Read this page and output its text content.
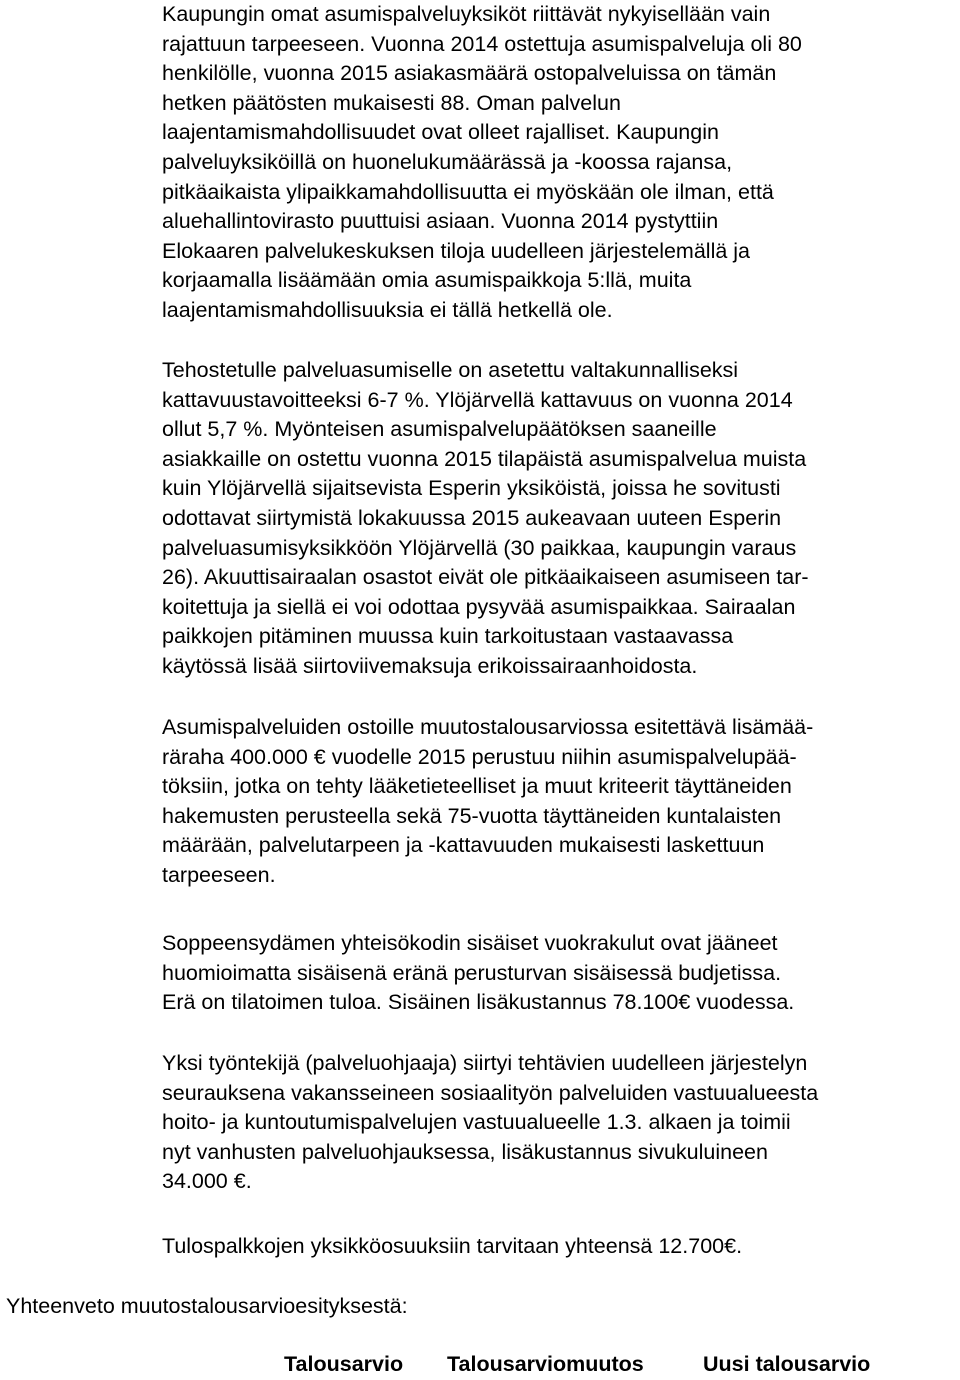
Kaupungin omat asumispalveluyksiköt riittävät nykyisellään vain
rajattuun tarpeeseen. Vuonna 2014 ostettuja asumispalveluja oli 80
henkilölle, vuonna 2015 asiakasmäärä ostopalveluissa on tämän
hetken päätösten mukaisesti 88. Oman palvelun
laajentamismahdollisuudet ovat olleet rajalliset. Kaupungin
palveluyksiköillä on huonelukumäärässä ja -koossa rajansa,
pitkäaikaista ylipaikkamahdollisuutta ei myöskään ole ilman, että
aluehallintovirasto puuttuisi asiaan. Vuonna 2014 pystyttiin
Elokaaren palvelukeskuksen tiloja uudelleen järjestelemällä ja
korjaamalla lisäämään omia asumispaikkoja 5:llä, muita
laajentamismahdollisuuksia ei tällä hetkellä ole.

Tehostetulle palveluasumiselle on asetettu valtakunnalliseksi
kattavuustavoitteeksi 6-7 %. Ylöjärvellä kattavuus on vuonna 2014
ollut 5,7 %. Myönteisen asumispalvelupäätöksen saaneille
asiakkaille on ostettu vuonna 2015 tilapäistä asumispalvelua muista
kuin Ylöjärvellä sijaitsevista Esperin yksiköistä, joissa he sovitusti
odottavat siirtymistä lokakuussa 2015 aukeavaan uuteen Esperin
palveluasumisyksikköön Ylöjärvellä (30 paikkaa, kaupungin varaus
26). Akuuttisairaalan osastot eivät ole pitkäaikaiseen asumiseen tar-
koitettuja ja siellä ei voi odottaa pysyvää asumispaikkaa. Sairaalan
paikkojen pitäminen muussa kuin tarkoitustaan vastaavassa
käytössä lisää siirtoviivemaksuja erikoissairaanhoidosta.

Asumispalveluiden ostoille muutostalousarviossa esitettävä lisämää-
räraha 400.000 € vuodelle 2015 perustuu niihin asumispalvelupää-
töksiin, jotka on tehty lääketieteelliset ja muut kriteerit täyttäneiden
hakemusten perusteella sekä 75-vuotta täyttäneiden kuntalaisten
määrään, palvelutarpeen ja -kattavuuden mukaisesti laskettuun
tarpeeseen.

Soppeensydämen yhteisökodin sisäiset vuokrakulut ovat jääneet
huomioimatta sisäisenä eränä perusturvan sisäisessä budjetissa.
Erä on tilatoimen tuloa. Sisäinen lisäkustannus 78.100€ vuodessa.

Yksi työntekijä (palveluohjaaja) siirtyi tehtävien uudelleen järjestelyn
seurauksena vakansseineen sosiaalityön palveluiden vastuualueesta
hoito- ja kuntoutumispalvelujen vastuualueelle 1.3. alkaen ja toimii
nyt vanhusten palveluohjauksessa, lisäkustannus sivukuluineen
34.000 €.

Tulospalkkojen yksikköosuuksiin tarvitaan yhteensä 12.700€.

Yhteenveto muutostalousarvioesityksestä:

Talousarvio Talousarviomuutos	Uusi talousarvio
